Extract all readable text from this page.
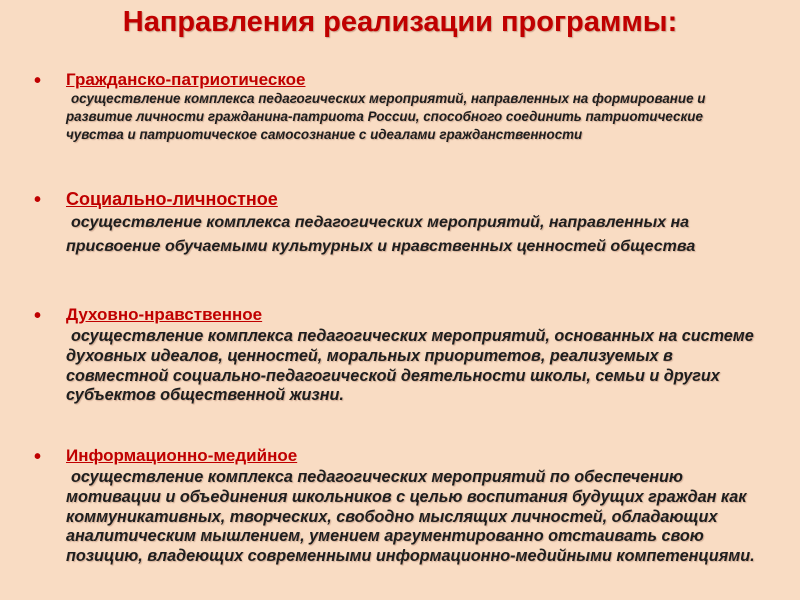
Направления реализации программы:
• Гражданско-патриотическое
осуществление комплекса педагогических мероприятий, направленных на формирование и развитие личности гражданина-патриота России, способного соединить патриотические чувства и патриотическое самосознание с идеалами гражданственности
• Социально-личностное
осуществление комплекса педагогических мероприятий, направленных на присвоение обучаемыми культурных и нравственных ценностей общества
• Духовно-нравственное
осуществление комплекса педагогических мероприятий, основанных на системе духовных идеалов, ценностей, моральных приоритетов, реализуемых в совместной социально-педагогической деятельности школы, семьи и других субъектов общественной жизни.
• Информационно-медийное
осуществление комплекса педагогических мероприятий по обеспечению мотивации и объединения школьников с целью воспитания будущих граждан как коммуникативных, творческих, свободно мыслящих личностей, обладающих аналитическим мышлением, умением аргументированно отстаивать свою позицию, владеющих современными информационно-медийными компетенциями.
